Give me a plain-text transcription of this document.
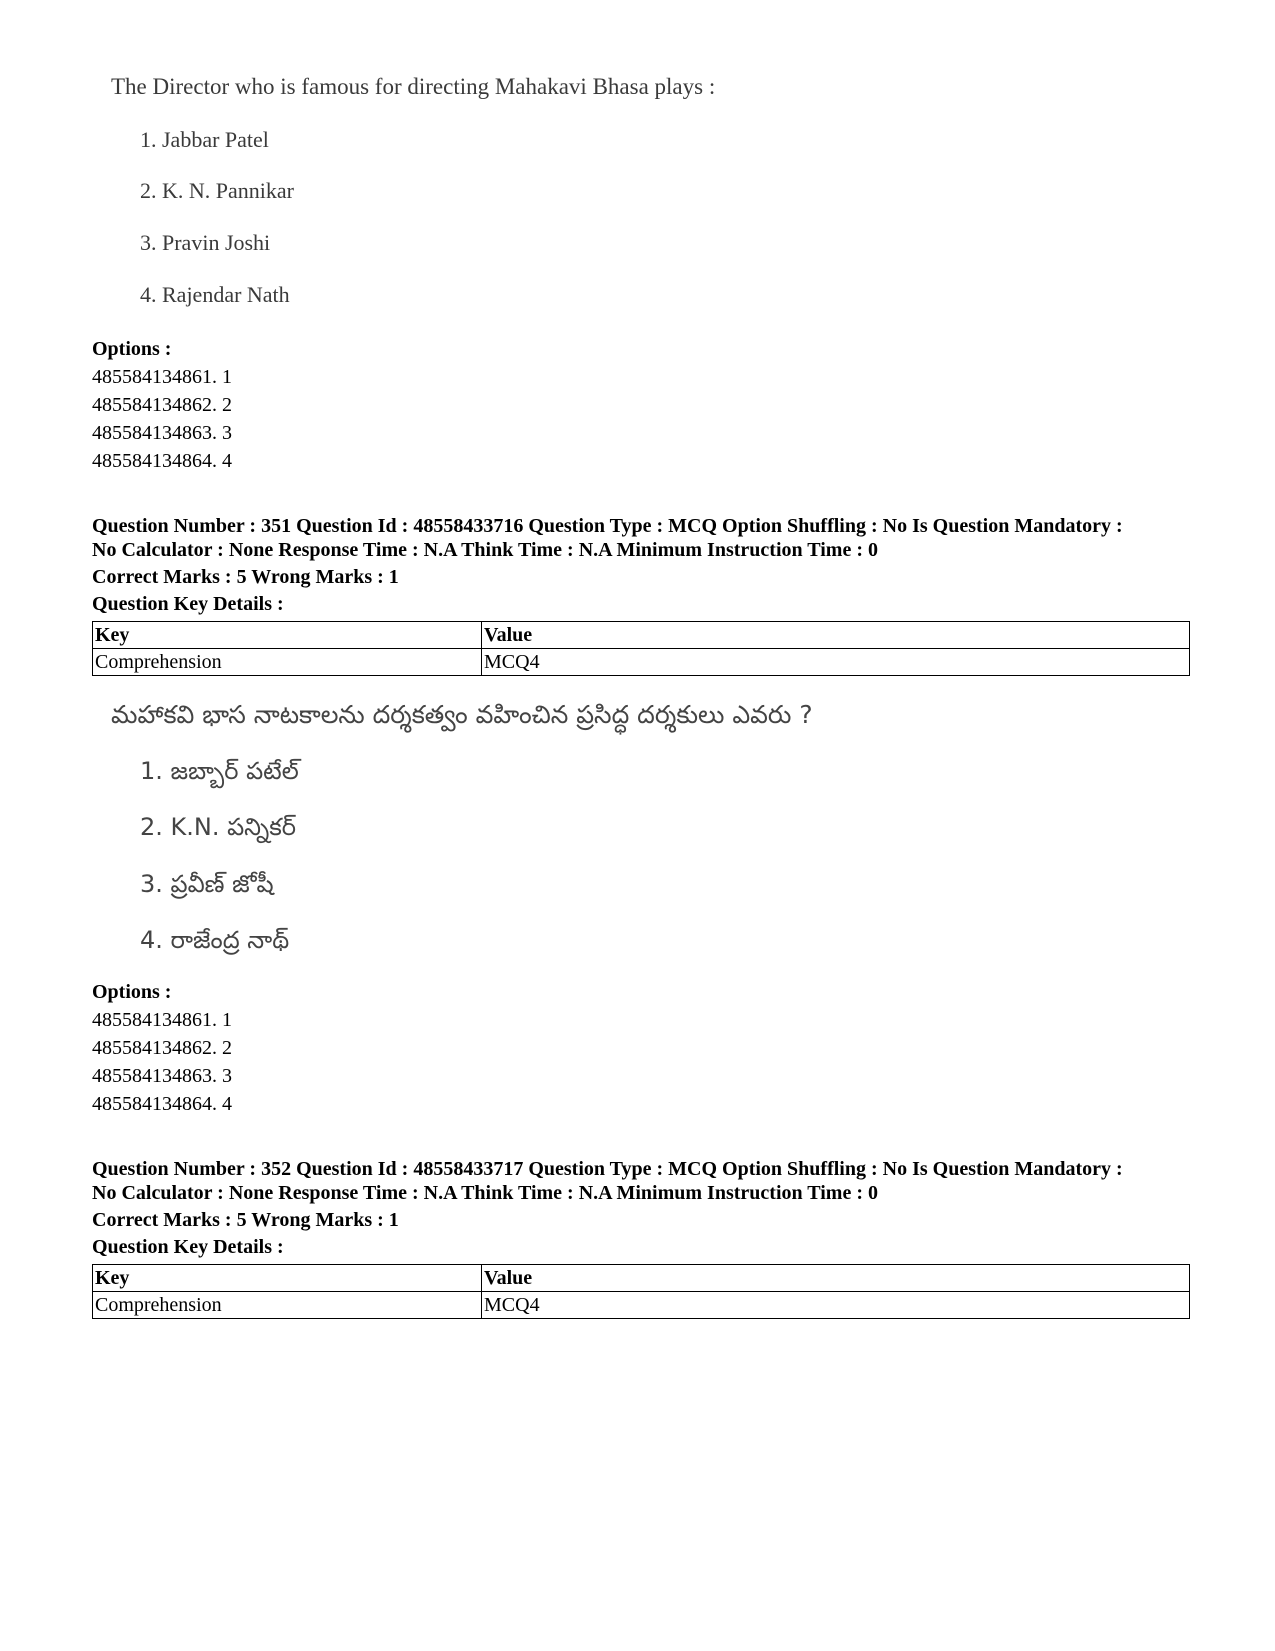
The Director who is famous for directing Mahakavi Bhasa plays :
1. Jabbar Patel
2. K. N. Pannikar
3. Pravin Joshi
4. Rajendar Nath
Options :
485584134861. 1
485584134862. 2
485584134863. 3
485584134864. 4
Question Number : 351 Question Id : 48558433716 Question Type : MCQ Option Shuffling : No Is Question Mandatory :
No Calculator : None Response Time : N.A Think Time : N.A Minimum Instruction Time : 0
Correct Marks : 5 Wrong Marks : 1
Question Key Details :
Key	Value
Comprehension	MCQ4
మహాకవి భాస నాటకాలను దర్శకత్వం వహించిన ప్రసిద్ధ దర్శకులు ఎవరు ?
1. జబ్బార్ పటేల్
2. K.N. పన్నికర్
3. ప్రవీణ్ జోషీ
4. రాజేంద్ర నాథ్
Options :
485584134861. 1
485584134862. 2
485584134863. 3
485584134864. 4
Question Number : 352 Question Id : 48558433717 Question Type : MCQ Option Shuffling : No Is Question Mandatory :
No Calculator : None Response Time : N.A Think Time : N.A Minimum Instruction Time : 0
Correct Marks : 5 Wrong Marks : 1
Question Key Details :
Key	Value
Comprehension	MCQ4
